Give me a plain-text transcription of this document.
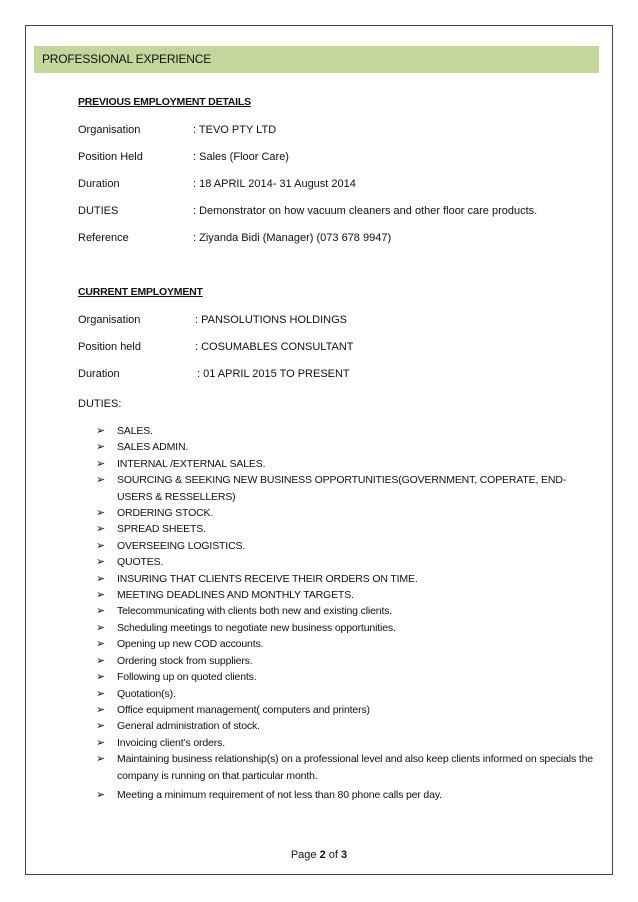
PROFESSIONAL EXPERIENCE
PREVIOUS EMPLOYMENT DETAILS
Organisation	: TEVO PTY LTD
Position Held	: Sales (Floor Care)
Duration	: 18 APRIL 2014- 31 August 2014
DUTIES	: Demonstrator on how vacuum cleaners and other floor care products.
Reference	: Ziyanda Bidi (Manager) (073 678 9947)
CURRENT EMPLOYMENT
Organisation	: PANSOLUTIONS HOLDINGS
Position held	: COSUMABLES CONSULTANT
Duration	: 01 APRIL 2015 TO PRESENT
DUTIES:
➢ SALES.
➢ SALES ADMIN.
➢ INTERNAL /EXTERNAL SALES.
➢ SOURCING & SEEKING NEW BUSINESS OPPORTUNITIES(GOVERNMENT, COPERATE, END-USERS & RESSELLERS)
➢ ORDERING STOCK.
➢ SPREAD SHEETS.
➢ OVERSEEING LOGISTICS.
➢ QUOTES.
➢ INSURING THAT CLIENTS RECEIVE THEIR ORDERS ON TIME.
➢ MEETING DEADLINES AND MONTHLY TARGETS.
➢ Telecommunicating with clients both new and existing clients.
➢ Scheduling meetings to negotiate new business opportunities.
➢ Opening up new COD accounts.
➢ Ordering stock from suppliers.
➢ Following up on quoted clients.
➢ Quotation(s).
➢ Office equipment management( computers and printers)
➢ General administration of stock.
➢ Invoicing client’s orders.
➢ Maintaining business relationship(s) on a professional level and also keep clients informed on specials the company is running on that particular month.
➢ Meeting a minimum requirement of not less than 80 phone calls per day.
Page 2 of 3
